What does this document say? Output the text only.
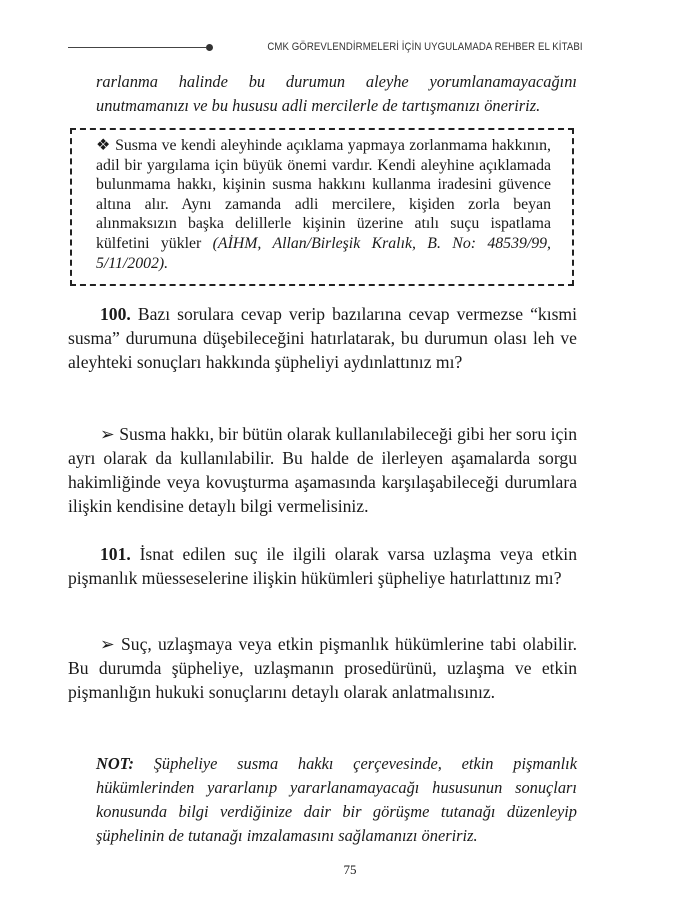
CMK GÖREVLENDİRMELERİ İÇİN UYGULAMADA REHBER EL KİTABI
rarlanma halinde bu durumun aleyhe yorumlanamayacağını unutmamanızı ve bu hususu adli mercilerle de tartışmanızı öneririz.
❖ Susma ve kendi aleyhinde açıklama yapmaya zorlanmama hakkının, adil bir yargılama için büyük önemi vardır. Kendi aleyhine açıklamada bulunmama hakkı, kişinin susma hakkını kullanma iradesini güvence altına alır. Aynı zamanda adli mercilere, kişiden zorla beyan alınmaksızın başka delillerle kişinin üzerine atılı suçu ispatlama külfetini yükler (AİHM, Allan/Birleşik Kralık, B. No: 48539/99, 5/11/2002).
100. Bazı sorulara cevap verip bazılarına cevap vermezse “kısmi susma” durumuna düşebileceğini hatırlatarak, bu durumun olası leh ve aleyhteki sonuçları hakkında şüpheliyi aydınlattınız mı?
➢ Susma hakkı, bir bütün olarak kullanılabileceği gibi her soru için ayrı olarak da kullanılabilir. Bu halde de ilerleyen aşamalarda sorgu hakimliğinde veya kovuşturma aşamasında karşılaşabileceği durumlara ilişkin kendisine detaylı bilgi vermelisiniz.
101. İsnat edilen suç ile ilgili olarak varsa uzlaşma veya etkin pişmanlık müesseselerine ilişkin hükümleri şüpheliye hatırlattınız mı?
➢ Suç, uzlaşmaya veya etkin pişmanlık hükümlerine tabi olabilir. Bu durumda şüpheliye, uzlaşmanın prosedürünü, uzlaşma ve etkin pişmanlığın hukuki sonuçlarını detaylı olarak anlatmalısınız.
NOT: Şüpheliye susma hakkı çerçevesinde, etkin pişmanlık hükümlerinden yararlanıp yararlanamayacağı hususunun sonuçları konusunda bilgi verdiğinize dair bir görüşme tutanağı düzenleyip şüphelinin de tutanağı imzalamasını sağlamanızı öneririz.
75
